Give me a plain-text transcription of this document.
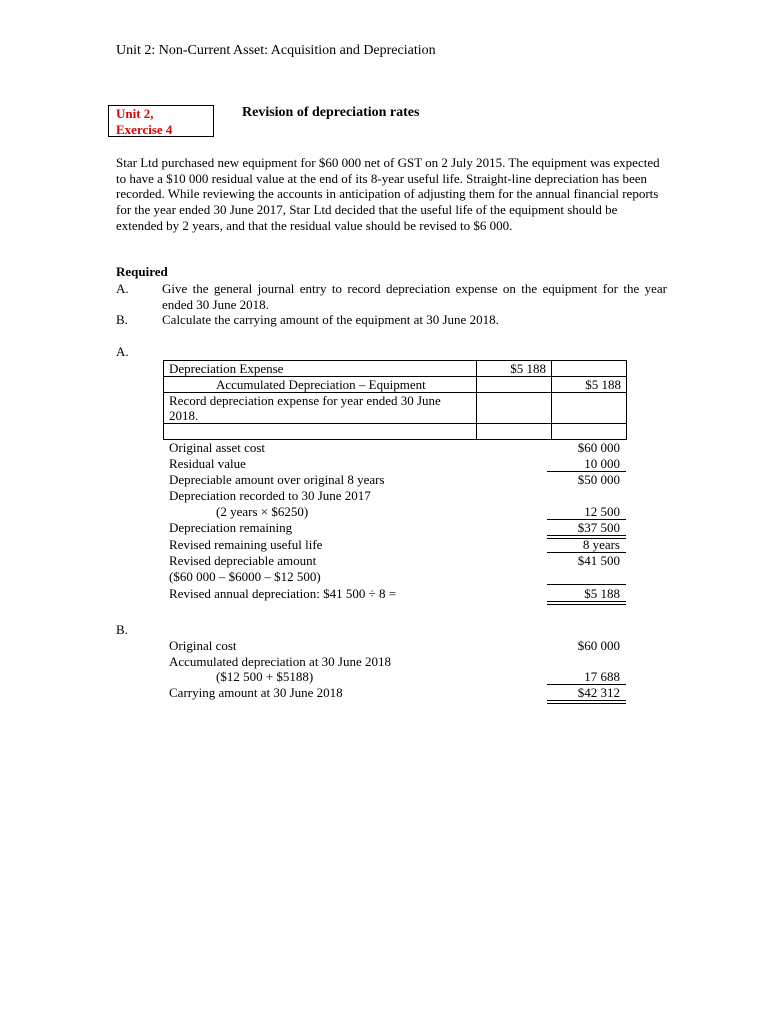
Unit 2: Non-Current Asset: Acquisition and Depreciation
Unit 2,
Exercise 4
Revision of depreciation rates
Star Ltd purchased new equipment for $60 000 net of GST on 2 July 2015. The equipment was expected to have a $10 000 residual value at the end of its 8-year useful life. Straight-line depreciation has been recorded. While reviewing the accounts in anticipation of adjusting them for the annual financial reports for the year ended 30 June 2017, Star Ltd decided that the useful life of the equipment should be extended by 2 years, and that the residual value should be revised to $6 000.
Required
A.	Give the general journal entry to record depreciation expense on the equipment for the year ended 30 June 2018.
B.	Calculate the carrying amount of the equipment at 30 June 2018.
A.
Depreciation Expense	$5 188	
Accumulated Depreciation – Equipment		$5 188
Record depreciation expense for year ended 30 June 2018.		

Original asset cost	$60 000
Residual value	10 000
Depreciable amount over original 8 years	$50 000
Depreciation recorded to 30 June 2017
(2 years × $6250)	12 500
Depreciation remaining	$37 500
Revised remaining useful life	8 years
Revised depreciable amount	$41 500
($60 000 – $6000 – $12 500)
Revised annual depreciation: $41 500 ÷ 8 =	$5 188
B.
Original cost	$60 000
Accumulated depreciation at 30 June 2018
($12 500 + $5188)	17 688
Carrying amount at 30 June 2018	$42 312
